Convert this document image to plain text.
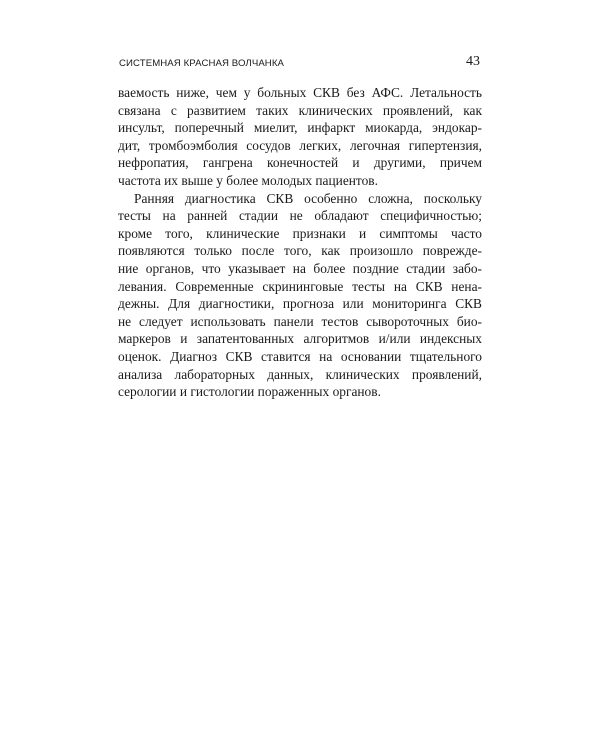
СИСТЕМНАЯ КРАСНАЯ ВОЛЧАНКА	43
ваемость ниже, чем у больных СКВ без АФС. Летальность
связана с развитием таких клинических проявлений, как
инсульт, поперечный миелит, инфаркт миокарда, эндокар-
дит, тромбоэмболия сосудов легких, легочная гипертензия,
нефропатия, гангрена конечностей и другими, причем
частота их выше у более молодых пациентов.
Ранняя диагностика СКВ особенно сложна, поскольку
тесты на ранней стадии не обладают специфичностью;
кроме того, клинические признаки и симптомы часто
появляются только после того, как произошло поврежде-
ние органов, что указывает на более поздние стадии забо-
левания. Современные скрининговые тесты на СКВ нена-
дежны. Для диагностики, прогноза или мониторинга СКВ
не следует использовать панели тестов сывороточных био-
маркеров и запатентованных алгоритмов и/или индексных
оценок. Диагноз СКВ ставится на основании тщательного
анализа лабораторных данных, клинических проявлений,
серологии и гистологии пораженных органов.
